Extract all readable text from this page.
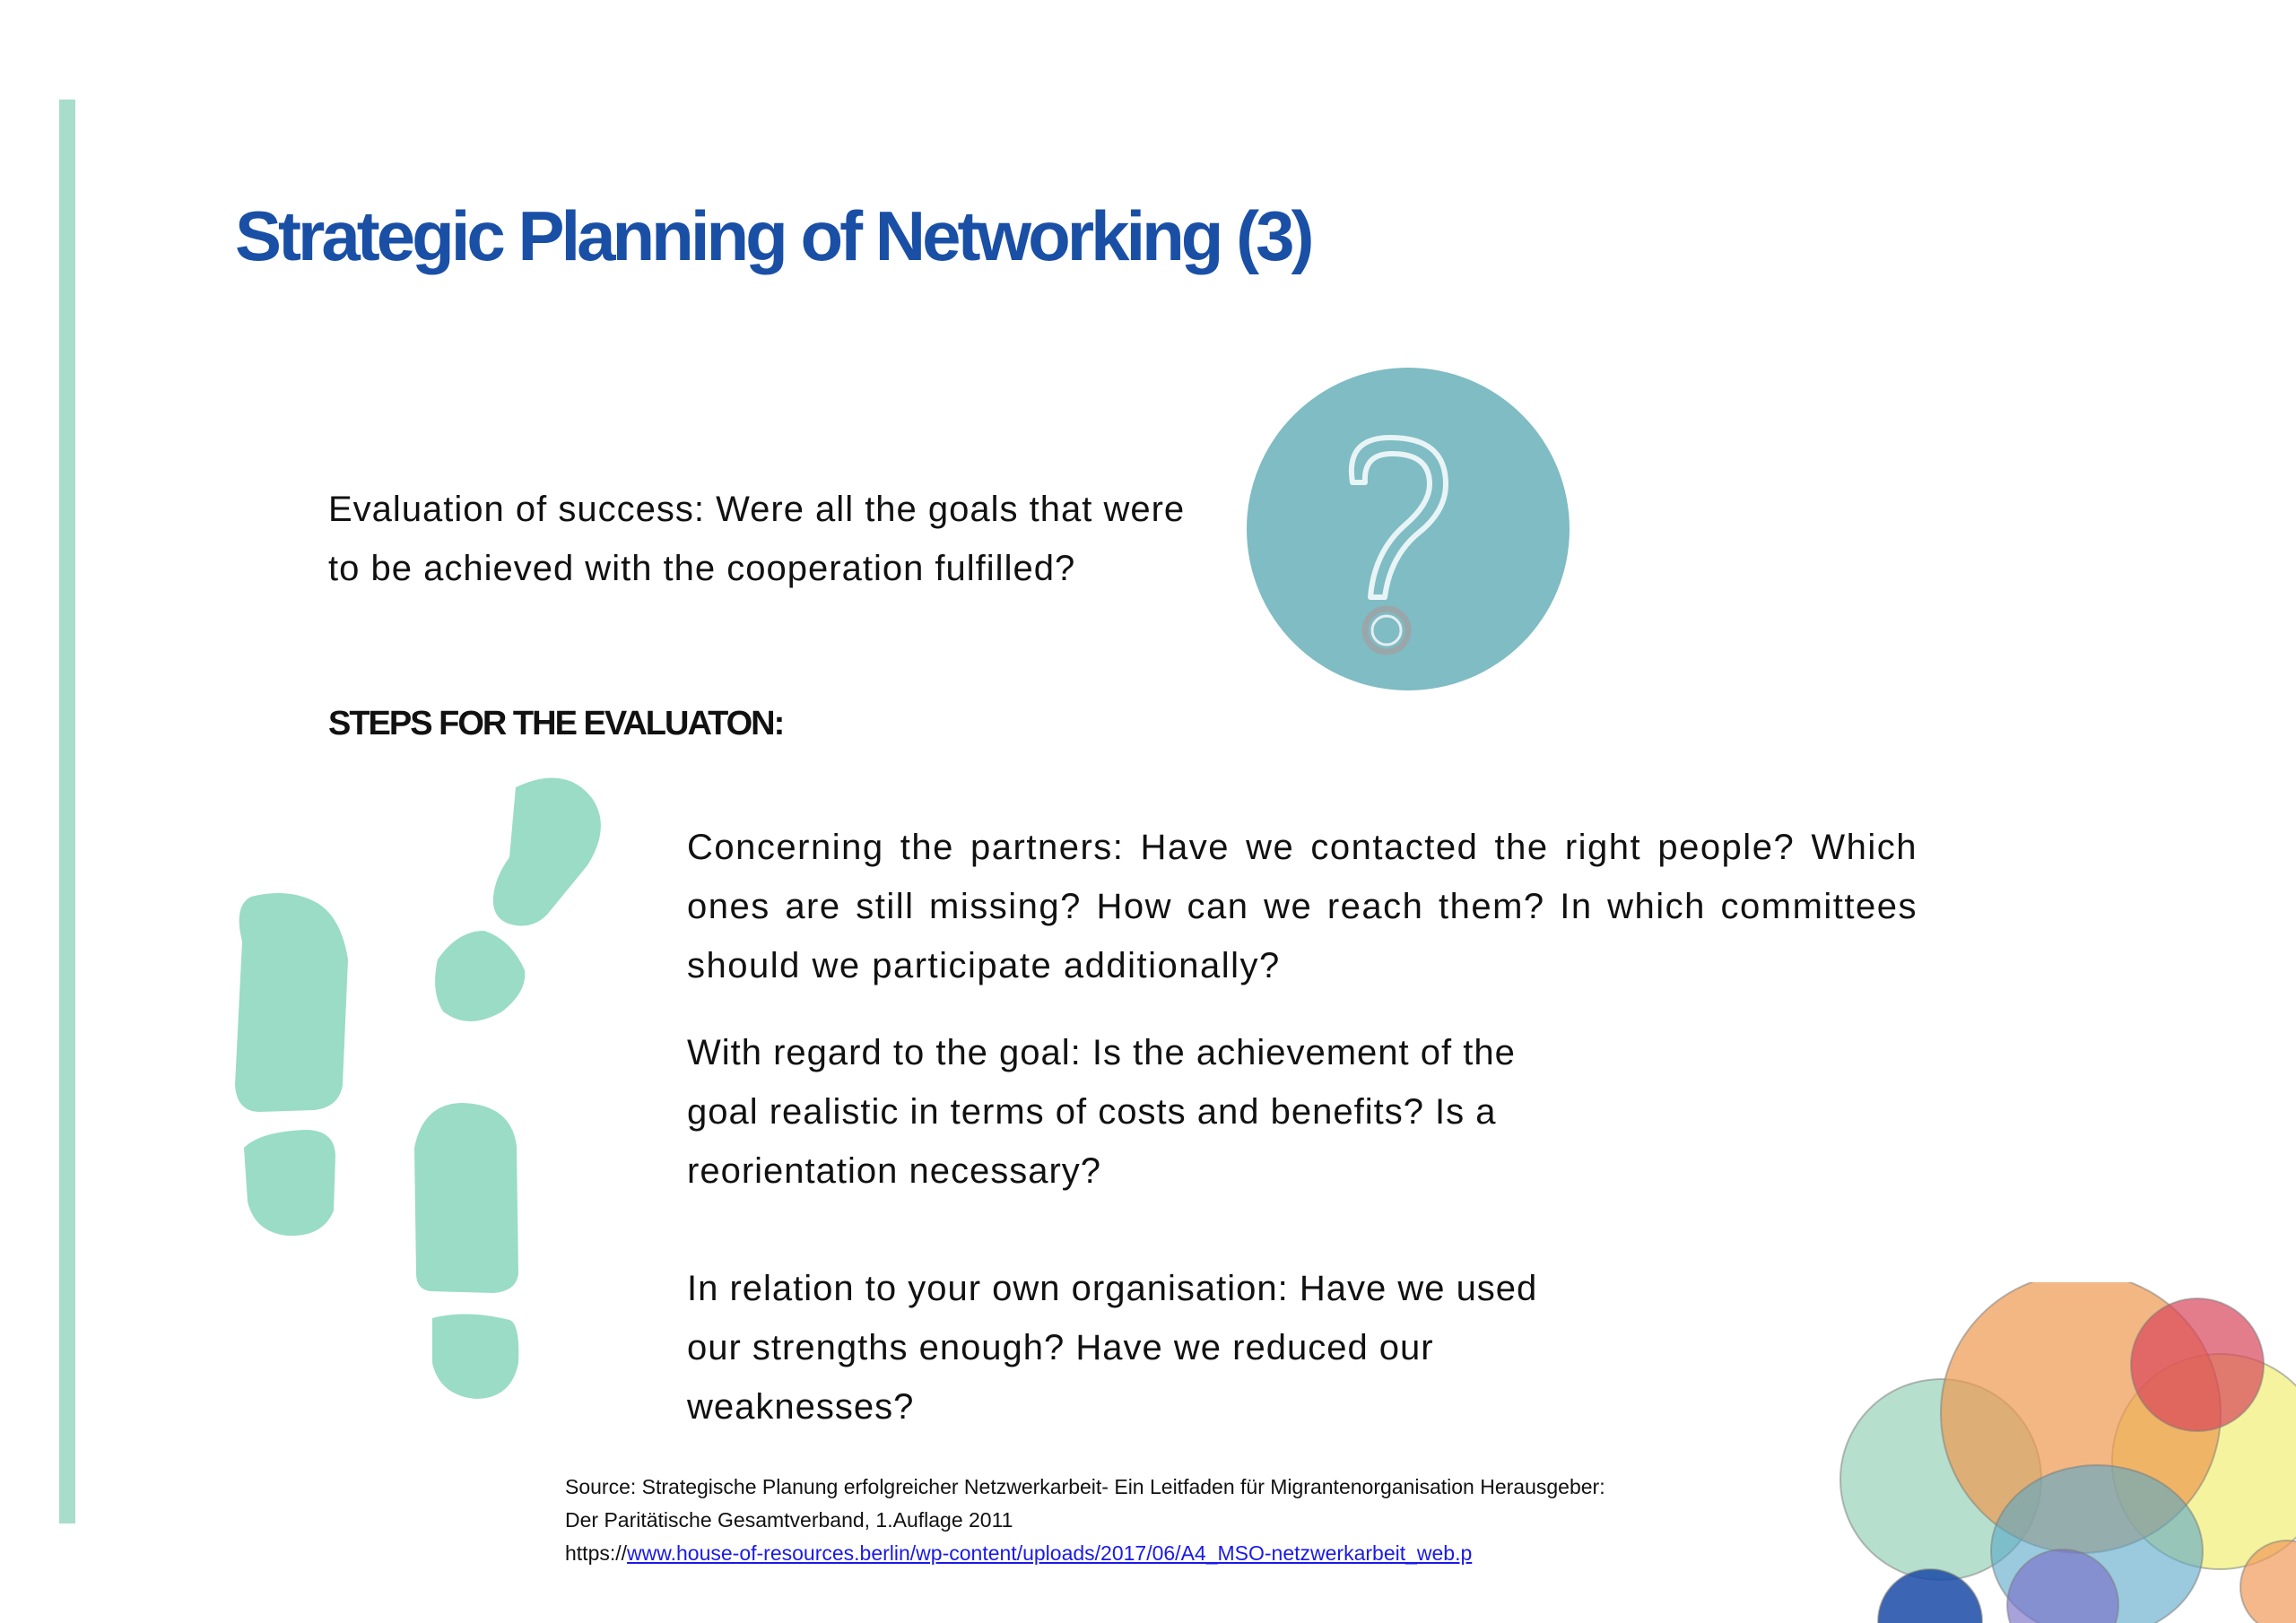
Strategic Planning of Networking (3)
Evaluation of success: Were all the goals that were
to be achieved with the cooperation fulfilled?
STEPS FOR THE EVALUATON:

Concerning the partners: Have we contacted the right people? Which ones are still missing? How can we reach them? In which committees should we participate additionally?

With regard to the goal: Is the achievement of the goal realistic in terms of costs and benefits? Is a reorientation necessary?

In relation to your own organisation: Have we used our strengths enough? Have we reduced our weaknesses?

Source: Strategische Planung erfolgreicher Netzwerkarbeit- Ein Leitfaden für Migrantenorganisation Herausgeber:
Der Paritätische Gesamtverband, 1.Auflage 2011
https://www.house-of-resources.berlin/wp-content/uploads/2017/06/A4_MSO-netzwerkarbeit_web.p
